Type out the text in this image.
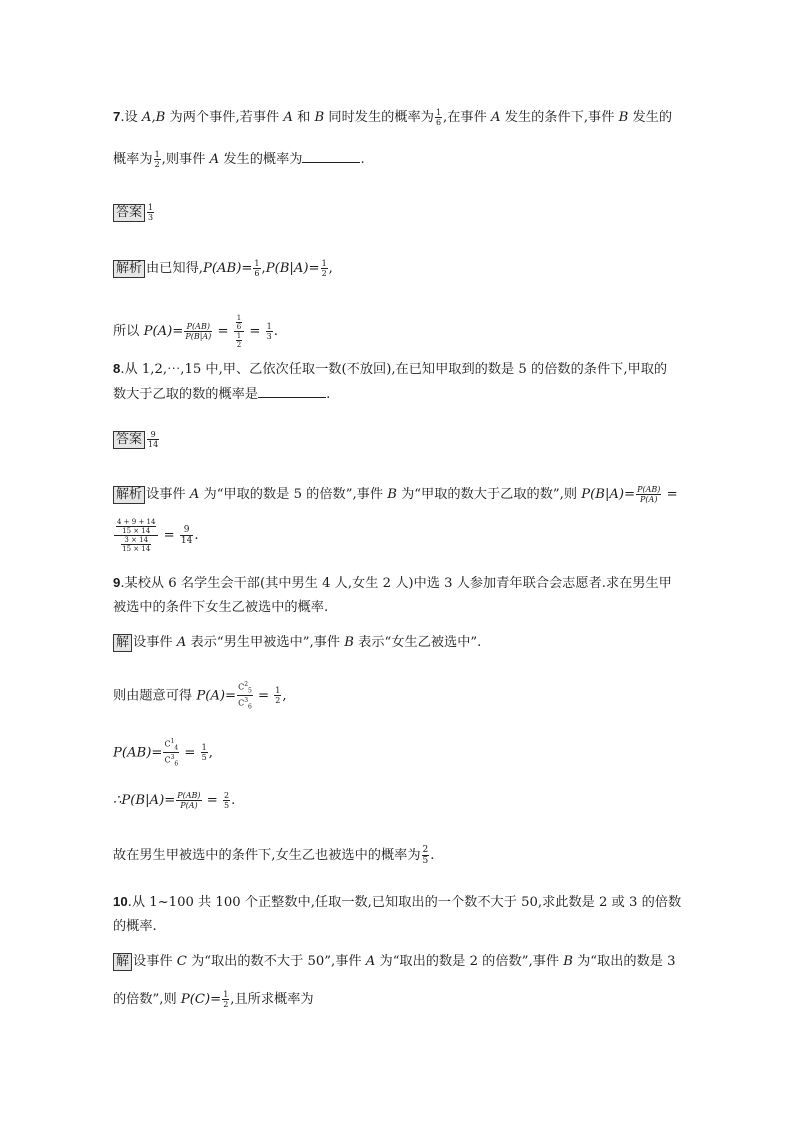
7.设 A,B 为两个事件,若事件 A 和 B 同时发生的概率为 $\frac{1}{6}$ ,在事件 A 发生的条件下,事件 B 发生的
概率为 $\frac{1}{2}$ ,则事件 A 发生的概率为	.
答案 $\frac{1}{3}$
解析 由已知得$,P(AB)= \frac{1}{6} ,P(B|A)= \frac{1}{2}$ ,
所以 $P(A)= \frac{P(AB)}{P(B|A)} = \frac{\frac{1}{6}}{\frac{1}{2}} = \frac{1}{3}$ .
8.从 1,2,⋯,15 中,甲、乙依次任取一数(不放回),在已知甲取到的数是 5 的倍数的条件下,甲取的
数大于乙取的数的概率是	.
答案 $\frac{9}{14}$
解析 设事件 A 为“甲取的数是 5 的倍数”,事件 B 为“甲取的数大于乙取的数”,则 $P(B|A)= \frac{P(AB)}{P(A)}$ =
$\frac{\frac{4 + 9 + 14}{15 \times 14}}{\frac{3 \times 14}{15 \times 14}} = \frac{9}{14}$ .
9.某校从 6 名学生会干部(其中男生 4 人,女生 2 人)中选 3 人参加青年联合会志愿者.求在男生甲
被选中的条件下女生乙被选中的概率.
解 设事件 A 表示“男生甲被选中”,事件 B 表示“女生乙被选中”.
则由题意可得 $P(A)= \frac{C^2_5}{C^3_6} = \frac{1}{2}$ ,
$P(AB)= \frac{C^1_4}{C^3_6} = \frac{1}{5}$ ,
∴P(B|A)= $\frac{P(AB)}{P(A)} = \frac{2}{5}$ .
故在男生甲被选中的条件下,女生乙也被选中的概率为 $\frac{2}{5}$ .
10.从 1~100 共 100 个正整数中,任取一数,已知取出的一个数不大于 50,求此数是 2 或 3 的倍数
的概率.
解 设事件 C 为“取出的数不大于 50”,事件 A 为“取出的数是 2 的倍数”,事件 B 为“取出的数是 3
的倍数”,则 $P(C)= \frac{1}{2}$ ,且所求概率为
